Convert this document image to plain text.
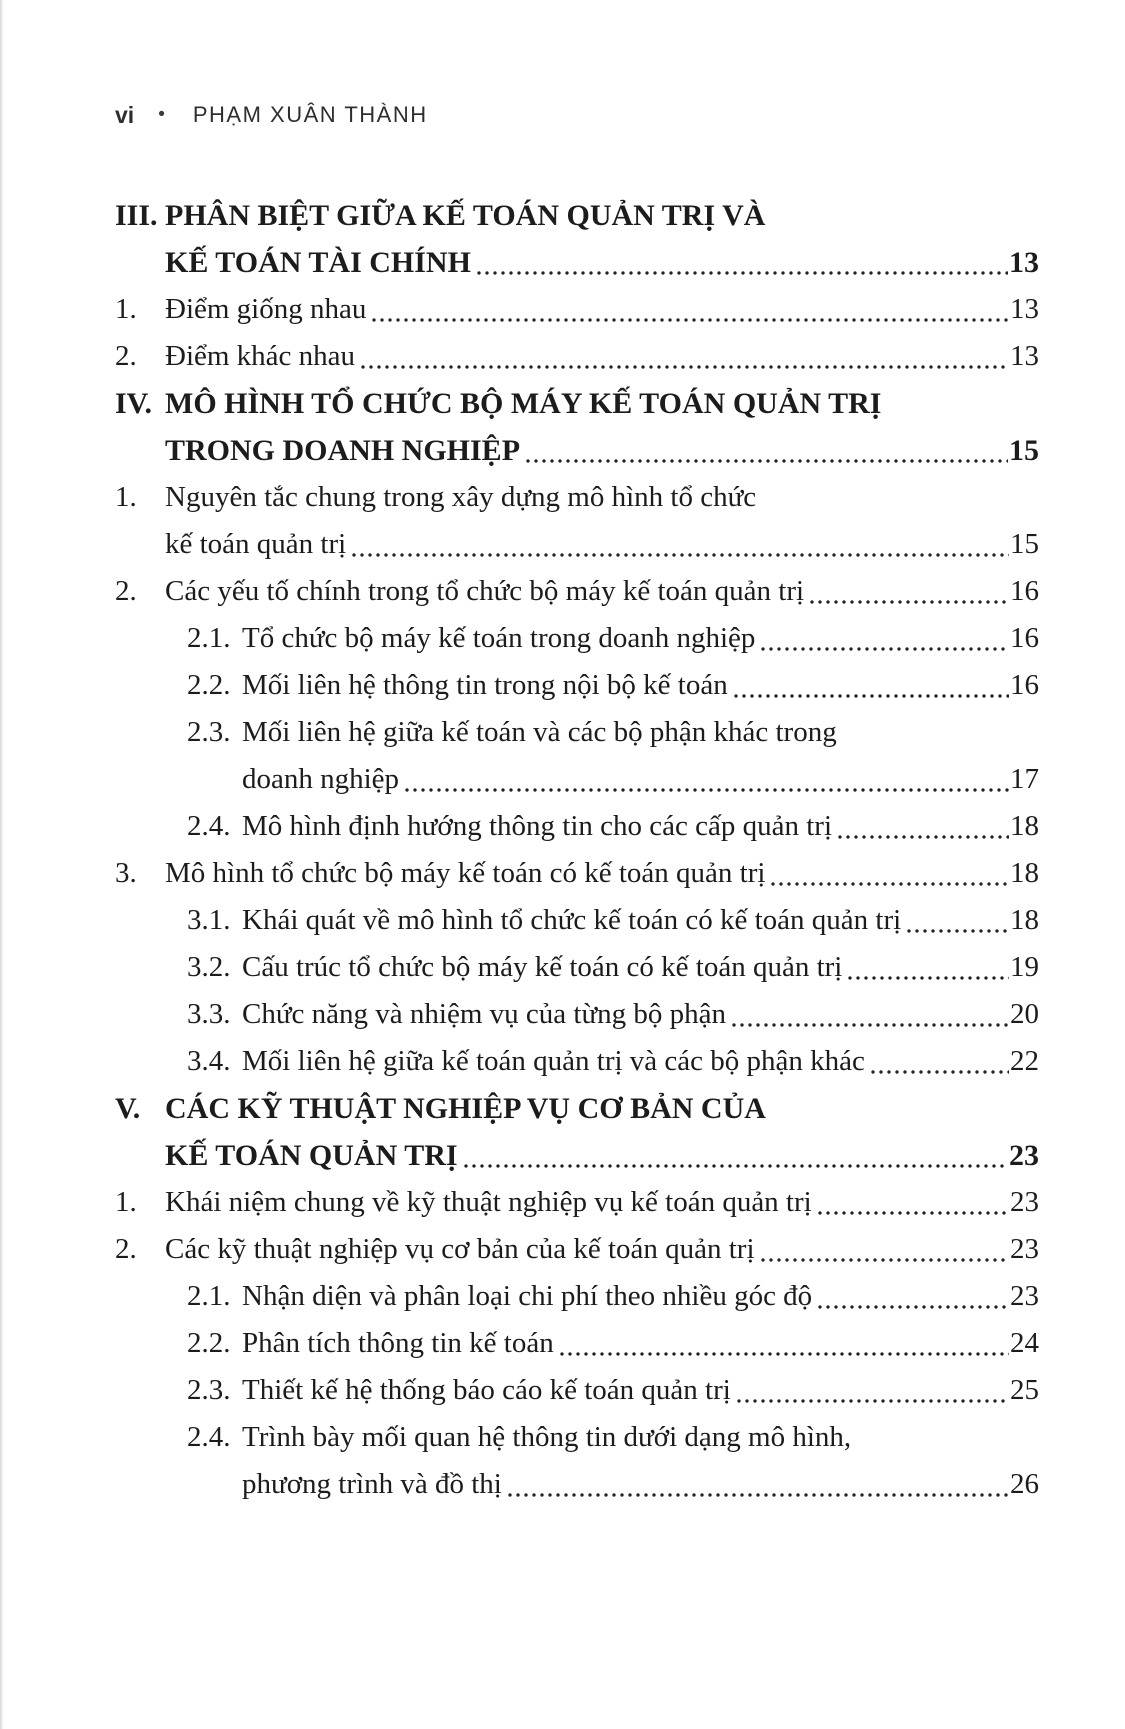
vi • PHẠM XUÂN THÀNH
III. PHÂN BIỆT GIỮA KẾ TOÁN QUẢN TRỊ VÀ
KẾ TOÁN TÀI CHÍNH	13
1. Điểm giống nhau	13
2. Điểm khác nhau	13
IV. MÔ HÌNH TỔ CHỨC BỘ MÁY KẾ TOÁN QUẢN TRỊ
TRONG DOANH NGHIỆP	15
1. Nguyên tắc chung trong xây dựng mô hình tổ chức
kế toán quản trị	15
2. Các yếu tố chính trong tổ chức bộ máy kế toán quản trị	16
2.1. Tổ chức bộ máy kế toán trong doanh nghiệp	16
2.2. Mối liên hệ thông tin trong nội bộ kế toán	16
2.3. Mối liên hệ giữa kế toán và các bộ phận khác trong
doanh nghiệp	17
2.4. Mô hình định hướng thông tin cho các cấp quản trị	18
3. Mô hình tổ chức bộ máy kế toán có kế toán quản trị	18
3.1. Khái quát về mô hình tổ chức kế toán có kế toán quản trị	18
3.2. Cấu trúc tổ chức bộ máy kế toán có kế toán quản trị	19
3.3. Chức năng và nhiệm vụ của từng bộ phận	20
3.4. Mối liên hệ giữa kế toán quản trị và các bộ phận khác	22
V. CÁC KỸ THUẬT NGHIỆP VỤ CƠ BẢN CỦA
KẾ TOÁN QUẢN TRỊ	23
1. Khái niệm chung về kỹ thuật nghiệp vụ kế toán quản trị	23
2. Các kỹ thuật nghiệp vụ cơ bản của kế toán quản trị	23
2.1. Nhận diện và phân loại chi phí theo nhiều góc độ	23
2.2. Phân tích thông tin kế toán	24
2.3. Thiết kế hệ thống báo cáo kế toán quản trị	25
2.4. Trình bày mối quan hệ thông tin dưới dạng mô hình,
phương trình và đồ thị	26
